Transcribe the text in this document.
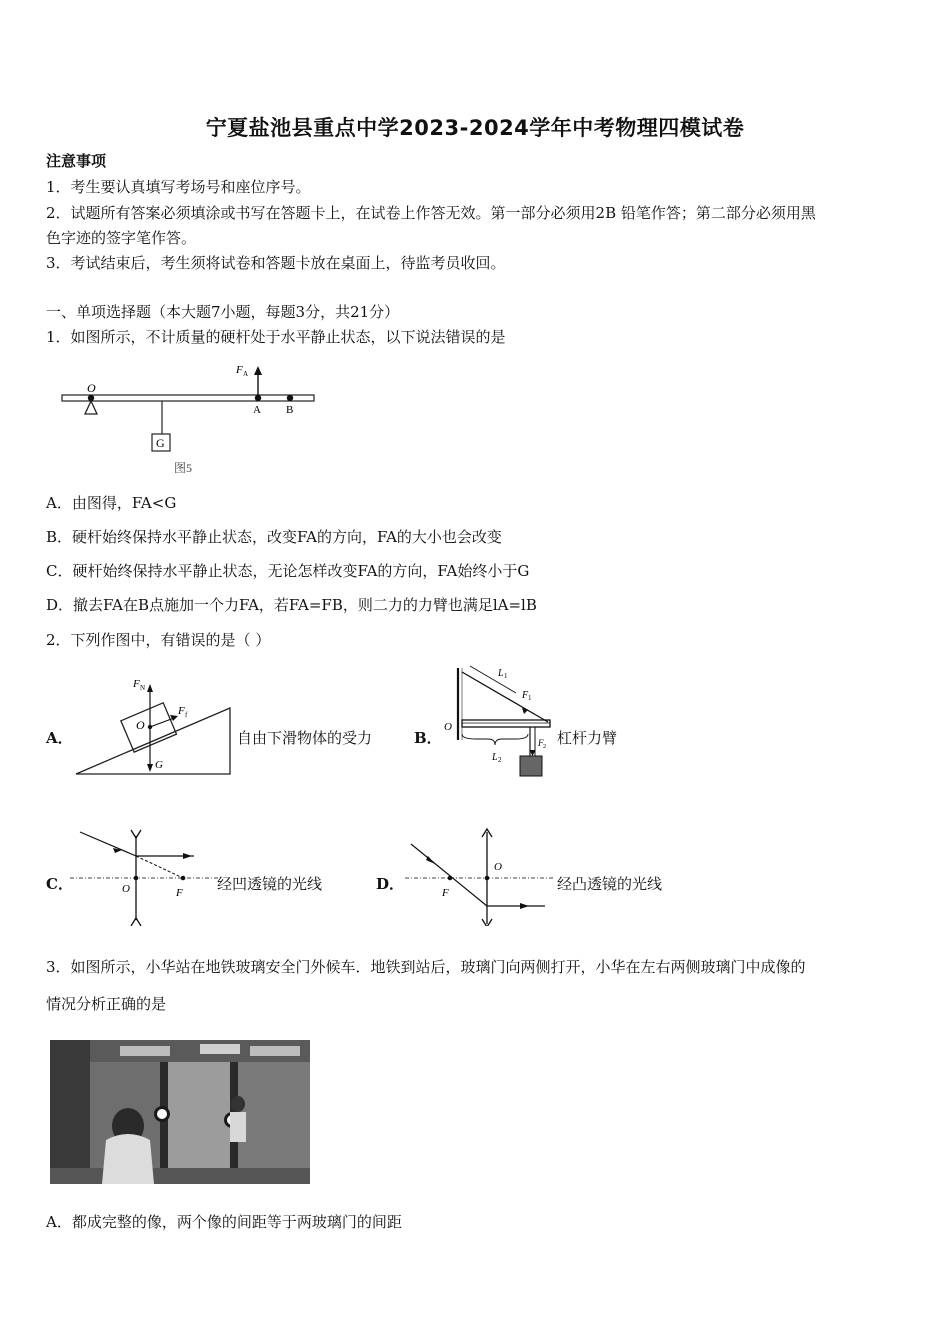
宁夏盐池县重点中学2023-2024学年中考物理四模试卷
注意事项
1．考生要认真填写考场号和座位序号。
2．试题所有答案必须填涂或书写在答题卡上，在试卷上作答无效。第一部分必须用2B 铅笔作答；第二部分必须用黑
色字迹的签字笔作答。
3．考试结束后，考生须将试卷和答题卡放在桌面上，待监考员收回。
一、单项选择题（本大题7小题，每题3分，共21分）
1．如图所示，不计质量的硬杆处于水平静止状态，以下说法错误的是
O
G
F A
A B
图5
A．由图得，FA<G
B．硬杆始终保持水平静止状态，改变FA的方向，FA的大小也会改变
C．硬杆始终保持水平静止状态，无论怎样改变FA的方向，FA始终小于G
D．撤去FA在B点施加一个力FA，若FA=FB，则二力的力臂也满足lA=lB
2．下列作图中，有错误的是（ ）
A．
O
F N
F f
G
自由下滑物体的受力	B．
L 1
F 1
O
F 2
L 2
杠杆力臂
C．	O	F 经凹透镜的光线	D．
O
F	经凸透镜的光线
3．如图所示，小华站在地铁玻璃安全门外候车．地铁到站后，玻璃门向两侧打开，小华在左右两侧玻璃门中成像的
情况分析正确的是
A．都成完整的像，两个像的间距等于两玻璃门的间距
